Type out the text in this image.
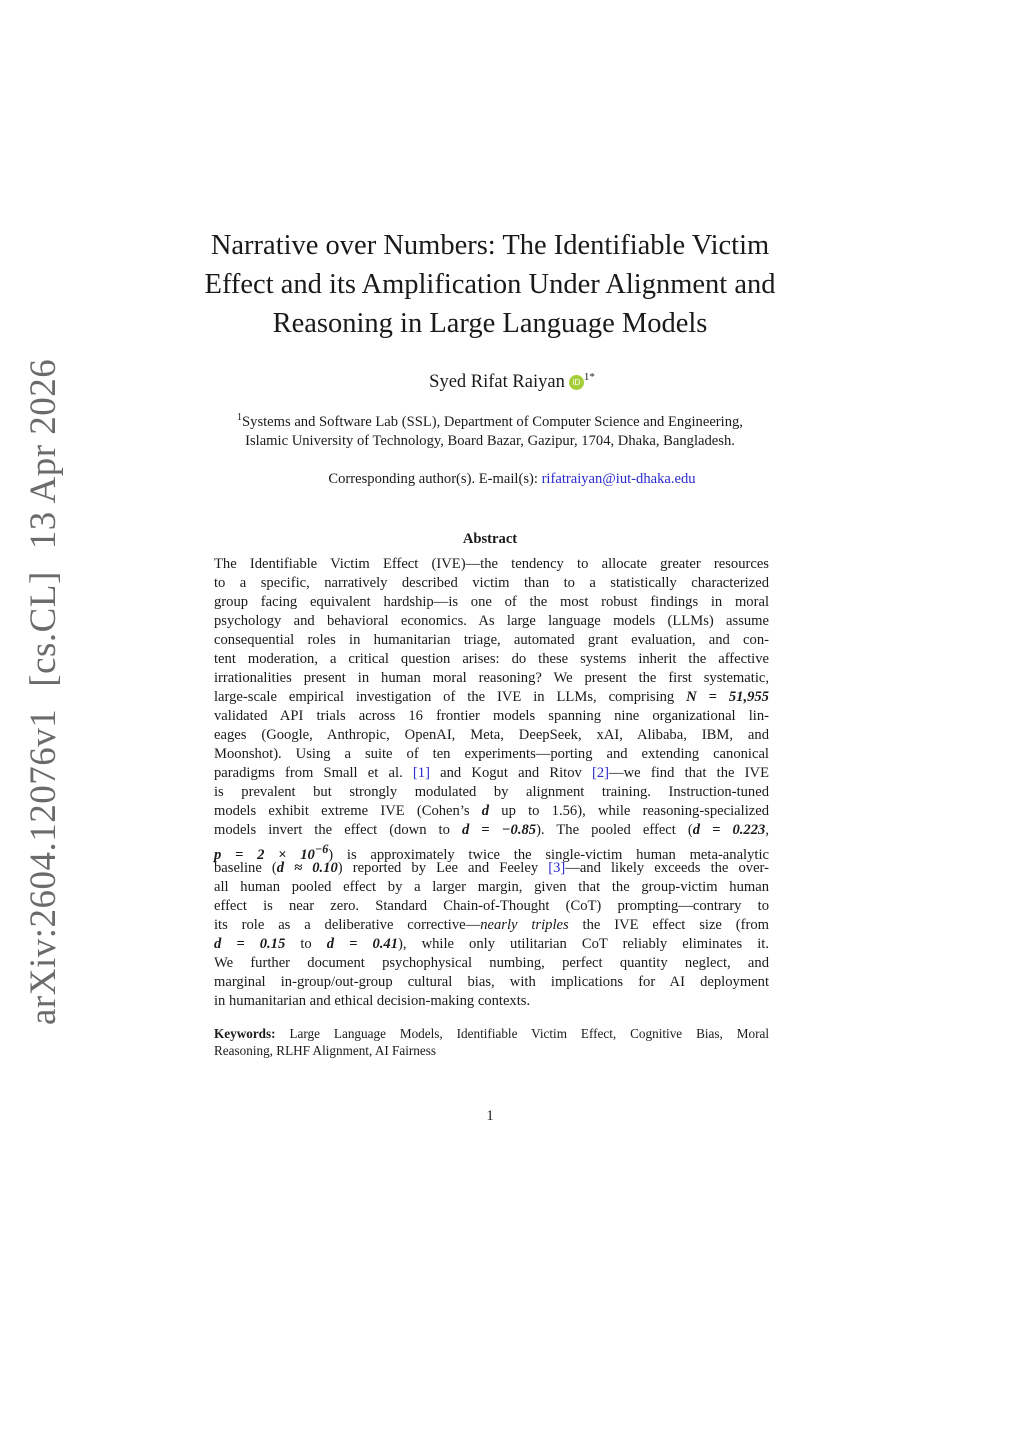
arXiv:2604.12076v1[cs.CL]13 Apr 2026
Narrative over Numbers: The Identifiable Victim
Effect and its Amplification Under Alignment and
Reasoning in Large Language Models
Syed Rifat Raiyan iD $^{1*}$
$^1$Systems and Software Lab (SSL), Department of Computer Science and Engineering,
Islamic University of Technology, Board Bazar, Gazipur, 1704, Dhaka, Bangladesh.
Corresponding author(s). E-mail(s): rifatraiyan@iut-dhaka.edu
Abstract
The Identifiable Victim Effect (IVE)—the tendency to allocate greater resources
to a specific, narratively described victim than to a statistically characterized
group facing equivalent hardship—is one of the most robust findings in moral
psychology and behavioral economics. As large language models (LLMs) assume
consequential roles in humanitarian triage, automated grant evaluation, and con-
tent moderation, a critical question arises: do these systems inherit the affective
irrationalities present in human moral reasoning? We present the first systematic,
large-scale empirical investigation of the IVE in LLMs, comprising N = 51,955
validated API trials across 16 frontier models spanning nine organizational lin-
eages (Google, Anthropic, OpenAI, Meta, DeepSeek, xAI, Alibaba, IBM, and
Moonshot). Using a suite of ten experiments—porting and extending canonical
paradigms from Small et al. [1] and Kogut and Ritov [2]—we find that the IVE
is prevalent but strongly modulated by alignment training. Instruction-tuned
models exhibit extreme IVE (Cohen’s d up to 1.56), while reasoning-specialized
models invert the effect (down to d = −0.85). The pooled effect (d = 0.223,
$p = 2 \times 10^{-6}$) is approximately twice the single-victim human meta-analytic
baseline (d ≈ 0.10) reported by Lee and Feeley [3]—and likely exceeds the over-
all human pooled effect by a larger margin, given that the group-victim human
effect is near zero. Standard Chain-of-Thought (CoT) prompting—contrary to
its role as a deliberative corrective—nearly triples the IVE effect size (from
d = 0.15 to d = 0.41), while only utilitarian CoT reliably eliminates it.
We further document psychophysical numbing, perfect quantity neglect, and
marginal in-group/out-group cultural bias, with implications for AI deployment
in humanitarian and ethical decision-making contexts.
Keywords: Large Language Models, Identifiable Victim Effect, Cognitive Bias, Moral
Reasoning, RLHF Alignment, AI Fairness
1
